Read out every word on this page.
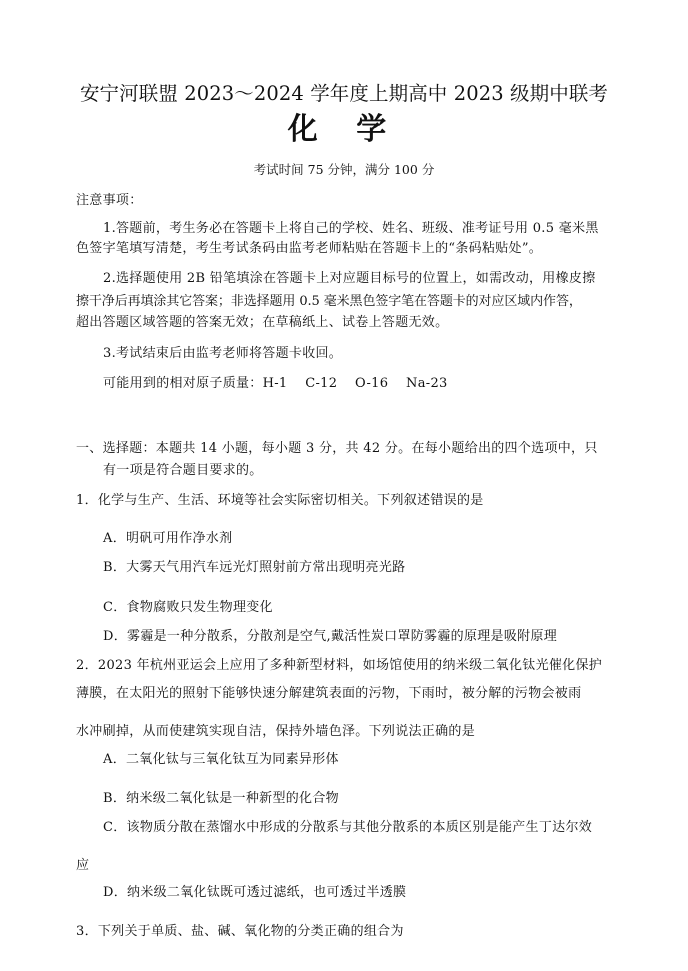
安宁河联盟 2023～2024 学年度上期高中 2023 级期中联考
化 学
考试时间 75 分钟，满分 100 分
注意事项：
1.答题前，考生务必在答题卡上将自己的学校、姓名、班级、准考证号用 0.5 毫米黑
色签字笔填写清楚，考生考试条码由监考老师粘贴在答题卡上的“条码粘贴处”。
2.选择题使用 2B 铅笔填涂在答题卡上对应题目标号的位置上，如需改动，用橡皮擦
擦干净后再填涂其它答案；非选择题用 0.5 毫米黑色签字笔在答题卡的对应区域内作答，
超出答题区域答题的答案无效；在草稿纸上、试卷上答题无效。
3.考试结束后由监考老师将答题卡收回。
可能用到的相对原子质量：H-1　 C-12　 O-16　 Na-23
一、选择题：本题共 14 小题，每小题 3 分，共 42 分。在每小题给出的四个选项中，只
有一项是符合题目要求的。
1．化学与生产、生活、环境等社会实际密切相关。下列叙述错误的是
A．明矾可用作净水剂
B．大雾天气用汽车远光灯照射前方常出现明亮光路
C．食物腐败只发生物理变化
D．雾霾是一种分散系，分散剂是空气,戴活性炭口罩防雾霾的原理是吸附原理
2．2023 年杭州亚运会上应用了多种新型材料，如场馆使用的纳米级二氧化钛光催化保护
薄膜，在太阳光的照射下能够快速分解建筑表面的污物，下雨时，被分解的污物会被雨
水冲刷掉，从而使建筑实现自洁，保持外墙色泽。下列说法正确的是
A．二氧化钛与三氧化钛互为同素异形体
B．纳米级二氧化钛是一种新型的化合物
C．该物质分散在蒸馏水中形成的分散系与其他分散系的本质区别是能产生丁达尔效
应
D．纳米级二氧化钛既可透过滤纸，也可透过半透膜
3．下列关于单质、盐、碱、氧化物的分类正确的组合为
